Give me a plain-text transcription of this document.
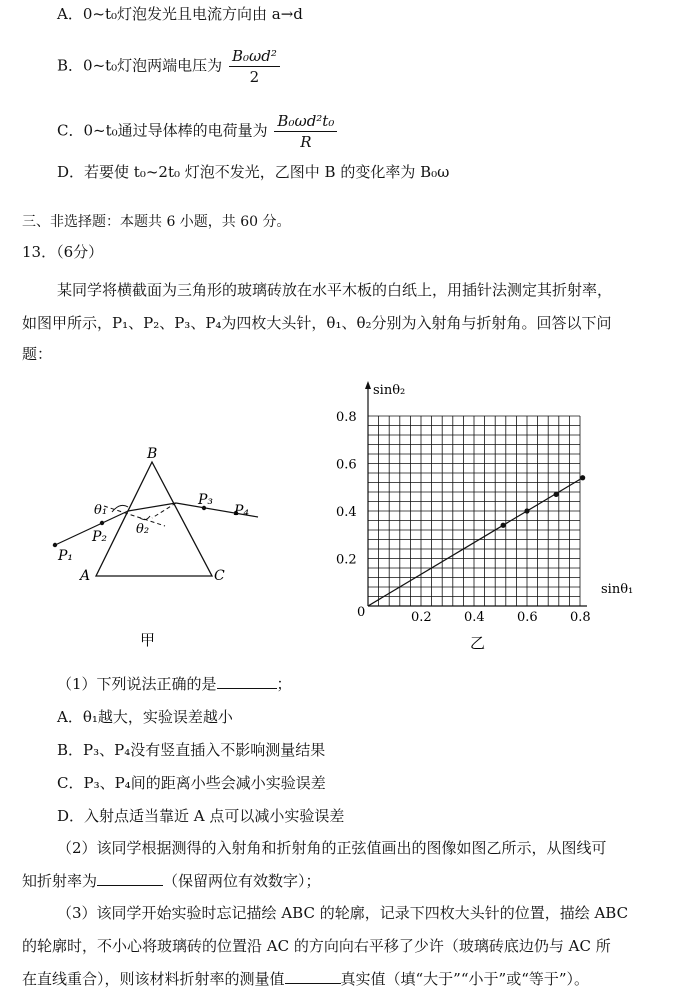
A．0~t₀灯泡发光且电流方向由 a→d
B．0~t₀灯泡两端电压为 $\frac{\text{B₀ωd²}}{2}$
C．0~t₀通过导体棒的电荷量为 $\frac{\text{B₀ωd²t₀}}{R}$
D．若要使 t₀~2t₀ 灯泡不发光，乙图中 B 的变化率为 B₀ω
三、非选择题：本题共 6 小题，共 60 分。
13．（6分）
某同学将横截面为三角形的玻璃砖放在水平木板的白纸上，用插针法测定其折射率，
如图甲所示，P₁、P₂、P₃、P₄为四枚大头针，θ₁、θ₂分别为入射角与折射角。回答以下问
题：
B
A	C
P₁
P₂
P₃
P₄
θ₁
θ₂
甲
0.2 0.4 0.6 0.8
0.2
0.4
0.6
0.8
sinθ₂
sinθ₁
0
乙
（1）下列说法正确的是	；
A．θ₁越大，实验误差越小
B．P₃、P₄没有竖直插入不影响测量结果
C．P₃、P₄间的距离小些会减小实验误差
D．入射点适当靠近 A 点可以减小实验误差
（2）该同学根据测得的入射角和折射角的正弦值画出的图像如图乙所示，从图线可
知折射率为	（保留两位有效数字）；
（3）该同学开始实验时忘记描绘 ABC 的轮廓，记录下四枚大头针的位置，描绘 ABC
的轮廓时，不小心将玻璃砖的位置沿 AC 的方向向右平移了少许（玻璃砖底边仍与 AC 所
在直线重合），则该材料折射率的测量值	真实值（填“大于”“小于”或“等于”）。
